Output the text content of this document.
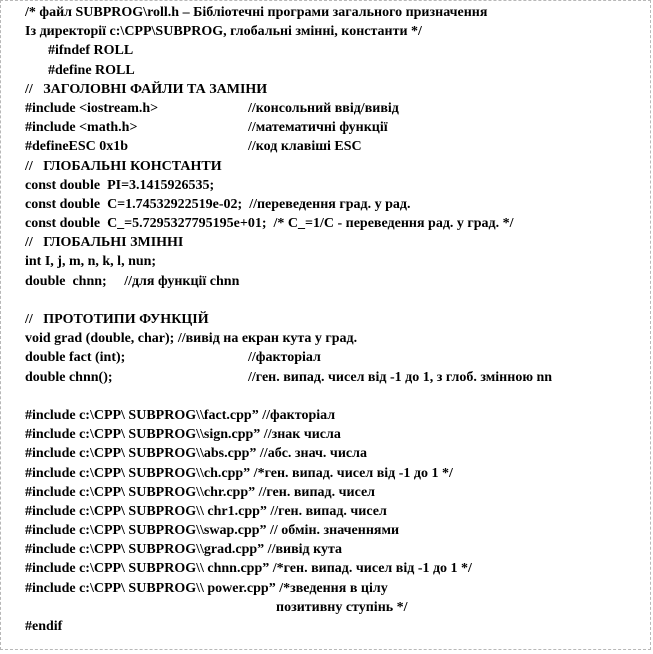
/* файл SUBPROG\roll.h – Бібліотечні програми загального призначення
Із директорії c:\CPP\SUBPROG, глобальні змінні, константи */
#ifndef ROLL
#define ROLL
//   ЗАГОЛОВНІ ФАЙЛИ ТА ЗАМІНИ
#include <iostream.h>	//консольний ввід/вивід
#include <math.h>	//математичні функції
#defineESC 0x1b	//код клавіші ESC
//   ГЛОБАЛЬНІ КОНСТАНТИ
const double  PI=3.1415926535;
const double  C=1.74532922519e-02;  //переведення град. у рад.
const double  C_=5.7295327795195e+01;  /* C_=1/C - переведення рад. у град. */
//   ГЛОБАЛЬНІ ЗМІННІ
int I, j, m, n, k, l, nun;
double  chnn;     //для функції chnn
//   ПРОТОТИПИ ФУНКЦІЙ
void grad (double, char); //вивід на екран кута у град.
double fact (int);	//факторіал
double chnn();	//ген. випад. чисел від -1 до 1, з глоб. змінною nn
#include c:\CPP\ SUBPROG\\fact.cpp” //факторіал
#include c:\CPP\ SUBPROG\\sign.cpp” //знак числа
#include c:\CPP\ SUBPROG\\abs.cpp” //абс. знач. числа
#include c:\CPP\ SUBPROG\\ch.cpp” /*ген. випад. чисел від -1 до 1 */
#include c:\CPP\ SUBPROG\\chr.cpp” //ген. випад. чисел
#include c:\CPP\ SUBPROG\\ chr1.cpp” //ген. випад. чисел
#include c:\CPP\ SUBPROG\\swap.cpp” // обмін. значеннями
#include c:\CPP\ SUBPROG\\grad.cpp” //вивід кута
#include c:\CPP\ SUBPROG\\ chnn.cpp” /*ген. випад. чисел від -1 до 1 */
#include c:\CPP\ SUBPROG\\ power.cpp” /*зведення в цілу
позитивну ступінь */
#endif
